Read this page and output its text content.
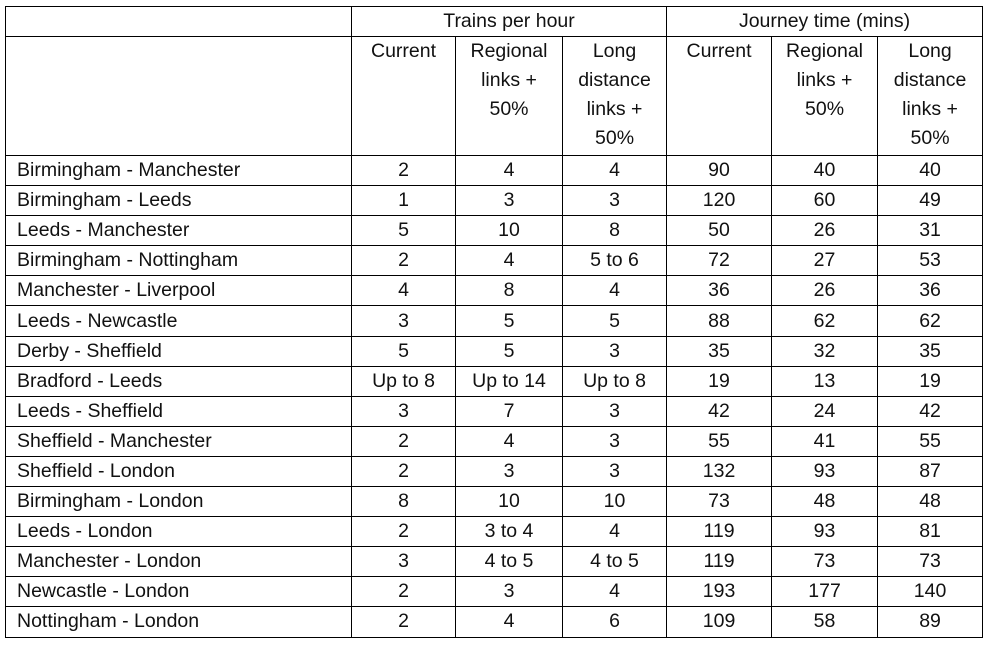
	Trains per hour			Journey time (mins)		
	Current	Regional links + 50%	Long distance links + 50%	Current	Regional links + 50%	Long distance links + 50%
Birmingham - Manchester	2	4	4	90	40	40
Birmingham - Leeds	1	3	3	120	60	49
Leeds - Manchester	5	10	8	50	26	31
Birmingham - Nottingham	2	4	5 to 6	72	27	53
Manchester - Liverpool	4	8	4	36	26	36
Leeds - Newcastle	3	5	5	88	62	62
Derby - Sheffield	5	5	3	35	32	35
Bradford - Leeds	Up to 8	Up to 14	Up to 8	19	13	19
Leeds - Sheffield	3	7	3	42	24	42
Sheffield - Manchester	2	4	3	55	41	55
Sheffield - London	2	3	3	132	93	87
Birmingham - London	8	10	10	73	48	48
Leeds - London	2	3 to 4	4	119	93	81
Manchester - London	3	4 to 5	4 to 5	119	73	73
Newcastle - London	2	3	4	193	177	140
Nottingham - London	2	4	6	109	58	89
